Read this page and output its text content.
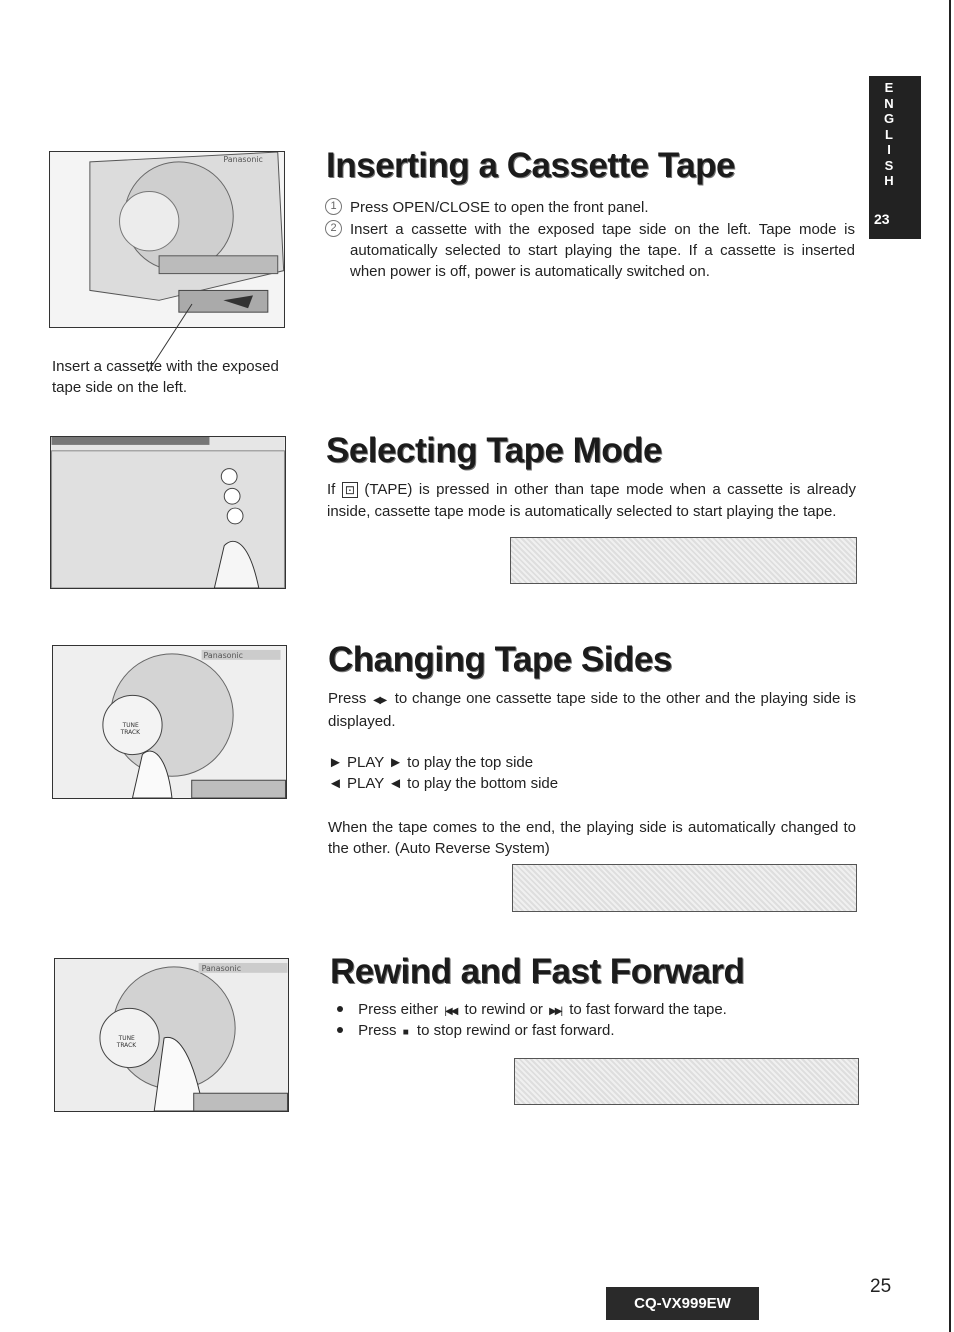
E
N
G
L
I
S
H
23
Panasonic
Insert a cassette with the exposed tape side on the left.
Inserting a Cassette Tape
1 Press OPEN/CLOSE to open the front panel.
2 Insert a cassette with the exposed tape side on the left. Tape mode is automatically selected to start playing the tape. If a cassette is inserted when power is off, power is automatically switched on.
Selecting Tape Mode
If ⊡ (TAPE) is pressed in other than tape mode when a cassette is already inside, cassette tape mode is automatically selected to start playing the tape.
Panasonic
TUNE
TRACK
Changing Tape Sides
Press ◀▶ to change one cassette tape side to the other and the playing side is displayed.
► PLAY ► to play the top side
◄ PLAY ◄ to play the bottom side
When the tape comes to the end, the playing side is automatically changed to the other. (Auto Reverse System)
Panasonic
TUNE
TRACK
Rewind and Fast Forward
Press either |◀◀ to rewind or ▶▶| to fast forward the tape.
Press ■ to stop rewind or fast forward.
CQ-VX999EW
25
